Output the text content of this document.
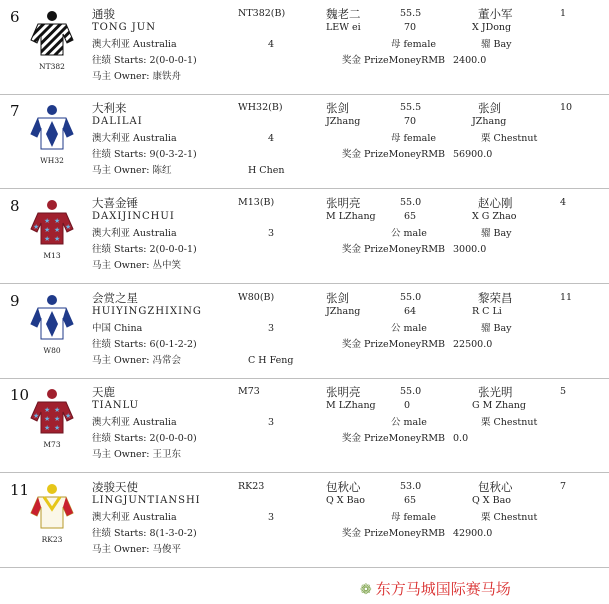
6
NT382
通骏
TONG JUN
澳大利亚 Australia
往绩 Starts: 2(0-0-0-1)
马主 Owner: 康铁舟
NT382(B)
4
魏老二
LEW ei
55.5
70
母 female
奖金 PrizeMoneyRMB 2400.0
董小军
X JDong
骝 Bay
1
7
WH32
大利来
DALILAI
澳大利亚 Australia
往绩 Starts: 9(0-3-2-1)
马主 Owner: 陈红
WH32(B)
4
H Chen
张剑
JZhang
55.5
70
母 female
奖金 PrizeMoneyRMB 56900.0
张剑
JZhang
栗 Chestnut
10
8
★ ★
★ ★
★ ★
★	★
M13
大喜金锤
DAXIJINCHUI
澳大利亚 Australia
往绩 Starts: 2(0-0-0-1)
马主 Owner: 丛中笑
M13(B)
3
张明亮
M LZhang
55.0
65
公 male
奖金 PrizeMoneyRMB 3000.0
赵心刚
X G Zhao
骝 Bay
4
9
W80
会赏之星
HUIYINGZHIXING
中国 China
往绩 Starts: 6(0-1-2-2)
马主 Owner: 冯常会
W80(B)
3
C H Feng
张剑
JZhang
55.0
64
公 male
奖金 PrizeMoneyRMB 22500.0
黎荣昌
R C Li
骝 Bay
11
10
★ ★
★ ★
★ ★
★	★
M73
天鹿
TIANLU
澳大利亚 Australia
往绩 Starts: 2(0-0-0-0)
马主 Owner: 王卫东
M73
3
张明亮
M LZhang
55.0
0
公 male
奖金 PrizeMoneyRMB 0.0
张光明
G M Zhang
栗 Chestnut
5
11
RK23
凌骏天使
LINGJUNTIANSHI
澳大利亚 Australia
往绩 Starts: 8(1-3-0-2)
马主 Owner: 马俊平
RK23
3
包秋心
Q X Bao
53.0
65
母 female
奖金 PrizeMoneyRMB 42900.0
包秋心
Q X Bao
栗 Chestnut
7
❁ 东方马城国际赛马场
